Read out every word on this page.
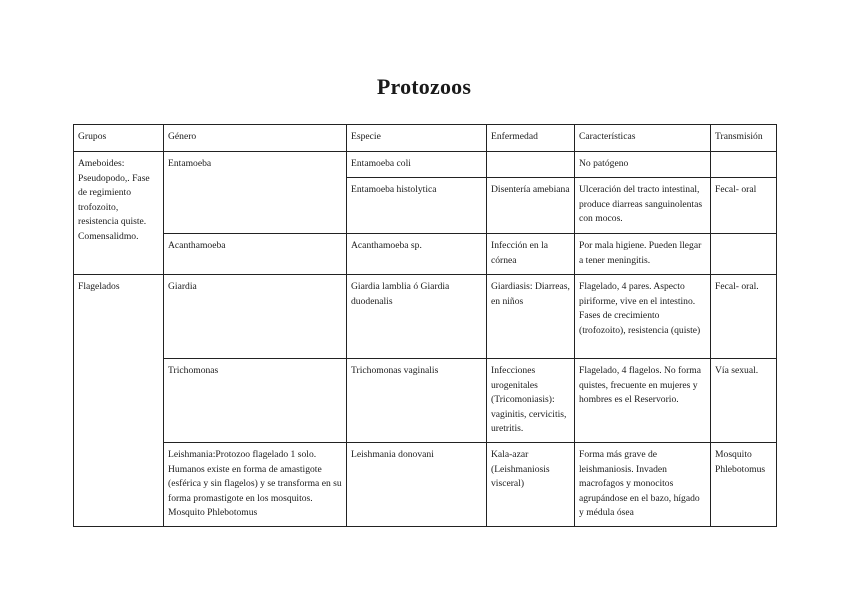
Protozoos
Grupos	Género	Especie	Enfermedad	Características	Transmisión
Ameboides: Pseudopodo,. Fase de regimiento trofozoito, resistencia quiste. Comensalidmo.	Entamoeba	Entamoeba coli		No patógeno	
		Entamoeba histolytica	Disentería amebiana	Ulceración del tracto intestinal, produce diarreas sanguinolentas con mocos.	Fecal- oral
	Acanthamoeba	Acanthamoeba sp.	Infección en la córnea	Por mala higiene. Pueden llegar a tener meningitis.	
Flagelados	Giardia	Giardia lamblia ó Giardia duodenalis	Giardiasis: Diarreas, en niños	Flagelado, 4 pares. Aspecto piriforme, vive en el intestino. Fases de crecimiento (trofozoito), resistencia (quiste)	Fecal- oral.
	Trichomonas	Trichomonas vaginalis	Infecciones urogenitales (Tricomoniasis): vaginitis, cervicitis, uretritis.	Flagelado, 4 flagelos. No forma quistes, frecuente en mujeres y hombres es el Reservorio.	Vía sexual.
	Leishmania:Protozoo flagelado 1 solo. Humanos existe en forma de amastigote (esférica y sin flagelos) y se transforma en su forma promastigote en los mosquitos. Mosquito Phlebotomus	Leishmania donovani	Kala-azar (Leishmaniosis visceral)	Forma más grave de leishmaniosis. Invaden macrofagos y monocitos agrupándose en el bazo, hígado y médula ósea	Mosquito Phlebotomus
